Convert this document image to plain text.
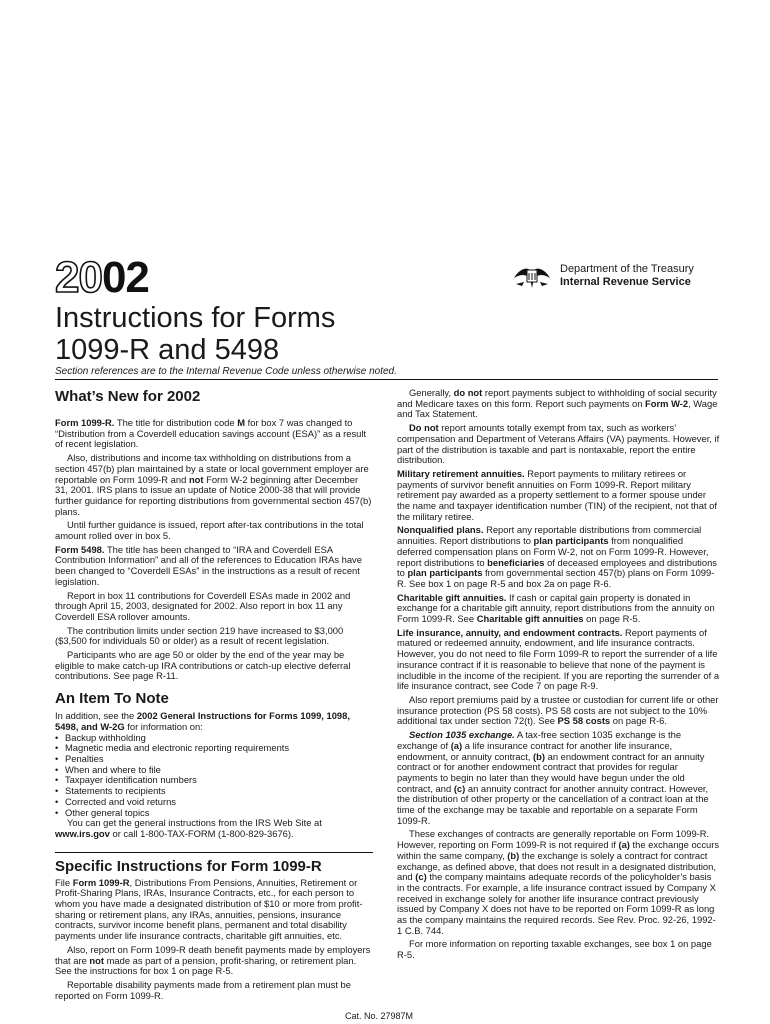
2002	Department of the Treasury
Internal Revenue Service
Instructions for Forms
1099-R and 5498
Section references are to the Internal Revenue Code unless otherwise noted.
What’s New for 2002

Form 1099-R. The title for distribution code M for box 7 was changed to “Distribution from a Coverdell education savings account (ESA)” as a result of recent legislation.

Also, distributions and income tax withholding on distributions from a section 457(b) plan maintained by a state or local government employer are reportable on Form 1099-R and not Form W-2 beginning after December 31, 2001. IRS plans to issue an update of Notice 2000-38 that will provide further guidance for reporting distributions from governmental section 457(b) plans.

Until further guidance is issued, report after-tax contributions in the total amount rolled over in box 5.

Form 5498. The title has been changed to “IRA and Coverdell ESA Contribution Information” and all of the references to Education IRAs have been changed to “Coverdell ESAs” in the instructions as a result of recent legislation.

Report in box 11 contributions for Coverdell ESAs made in 2002 and through April 15, 2003, designated for 2002. Also report in box 11 any Coverdell ESA rollover amounts.

The contribution limits under section 219 have increased to $3,000 ($3,500 for individuals 50 or older) as a result of recent legislation.

Participants who are age 50 or older by the end of the year may be eligible to make catch-up IRA contributions or catch-up elective deferral contributions. See page R-11.

An Item To Note

In addition, see the 2002 General Instructions for Forms 1099, 1098, 5498, and W-2G for information on:

• Backup withholding
• Magnetic media and electronic reporting requirements
• Penalties
• When and where to file
• Taxpayer identification numbers
• Statements to recipients
• Corrected and void returns
• Other general topics

You can get the general instructions from the IRS Web Site at www.irs.gov or call 1-800-TAX-FORM (1-800-829-3676).

Specific Instructions for Form 1099-R

File Form 1099-R, Distributions From Pensions, Annuities, Retirement or Profit-Sharing Plans, IRAs, Insurance Contracts, etc., for each person to whom you have made a designated distribution of $10 or more from profit-sharing or retirement plans, any IRAs, annuities, pensions, insurance contracts, survivor income benefit plans, permanent and total disability payments under life insurance contracts, charitable gift annuities, etc.

Also, report on Form 1099-R death benefit payments made by employers that are not made as part of a pension, profit-sharing, or retirement plan. See the instructions for box 1 on page R-5.

Reportable disability payments made from a retirement plan must be reported on Form 1099-R.

Generally, do not report payments subject to withholding of social security and Medicare taxes on this form. Report such payments on Form W-2, Wage and Tax Statement.

Do not report amounts totally exempt from tax, such as workers’ compensation and Department of Veterans Affairs (VA) payments. However, if part of the distribution is taxable and part is nontaxable, report the entire distribution.

Military retirement annuities. Report payments to military retirees or payments of survivor benefit annuities on Form 1099-R. Report military retirement pay awarded as a property settlement to a former spouse under the name and taxpayer identification number (TIN) of the recipient, not that of the military retiree.

Nonqualified plans. Report any reportable distributions from commercial annuities. Report distributions to plan participants from nonqualified deferred compensation plans on Form W-2, not on Form 1099-R. However, report distributions to beneficiaries of deceased employees and distributions to plan participants from governmental section 457(b) plans on Form 1099-R. See box 1 on page R-5 and box 2a on page R-6.

Charitable gift annuities. If cash or capital gain property is donated in exchange for a charitable gift annuity, report distributions from the annuity on Form 1099-R. See Charitable gift annuities on page R-5.

Life insurance, annuity, and endowment contracts. Report payments of matured or redeemed annuity, endowment, and life insurance contracts. However, you do not need to file Form 1099-R to report the surrender of a life insurance contract if it is reasonable to believe that none of the payment is includible in the income of the recipient. If you are reporting the surrender of a life insurance contract, see Code 7 on page R-9.

Also report premiums paid by a trustee or custodian for current life or other insurance protection (PS 58 costs). PS 58 costs are not subject to the 10% additional tax under section 72(t). See PS 58 costs on page R-6.

Section 1035 exchange. A tax-free section 1035 exchange is the exchange of (a) a life insurance contract for another life insurance, endowment, or annuity contract, (b) an endowment contract for an annuity contract or for another endowment contract that provides for regular payments to begin no later than they would have begun under the old contract, and (c) an annuity contract for another annuity contract. However, the distribution of other property or the cancellation of a contract loan at the time of the exchange may be taxable and reportable on a separate Form 1099-R.

These exchanges of contracts are generally reportable on Form 1099-R. However, reporting on Form 1099-R is not required if (a) the exchange occurs within the same company, (b) the exchange is solely a contract for contract exchange, as defined above, that does not result in a designated distribution, and (c) the company maintains adequate records of the policyholder’s basis in the contracts. For example, a life insurance contract issued by Company X received in exchange solely for another life insurance contract previously issued by Company X does not have to be reported on Form 1099-R as long as the company maintains the required records. See Rev. Proc. 92-26, 1992-1 C.B. 744.

For more information on reporting taxable exchanges, see box 1 on page R-5.

Cat. No. 27987M
